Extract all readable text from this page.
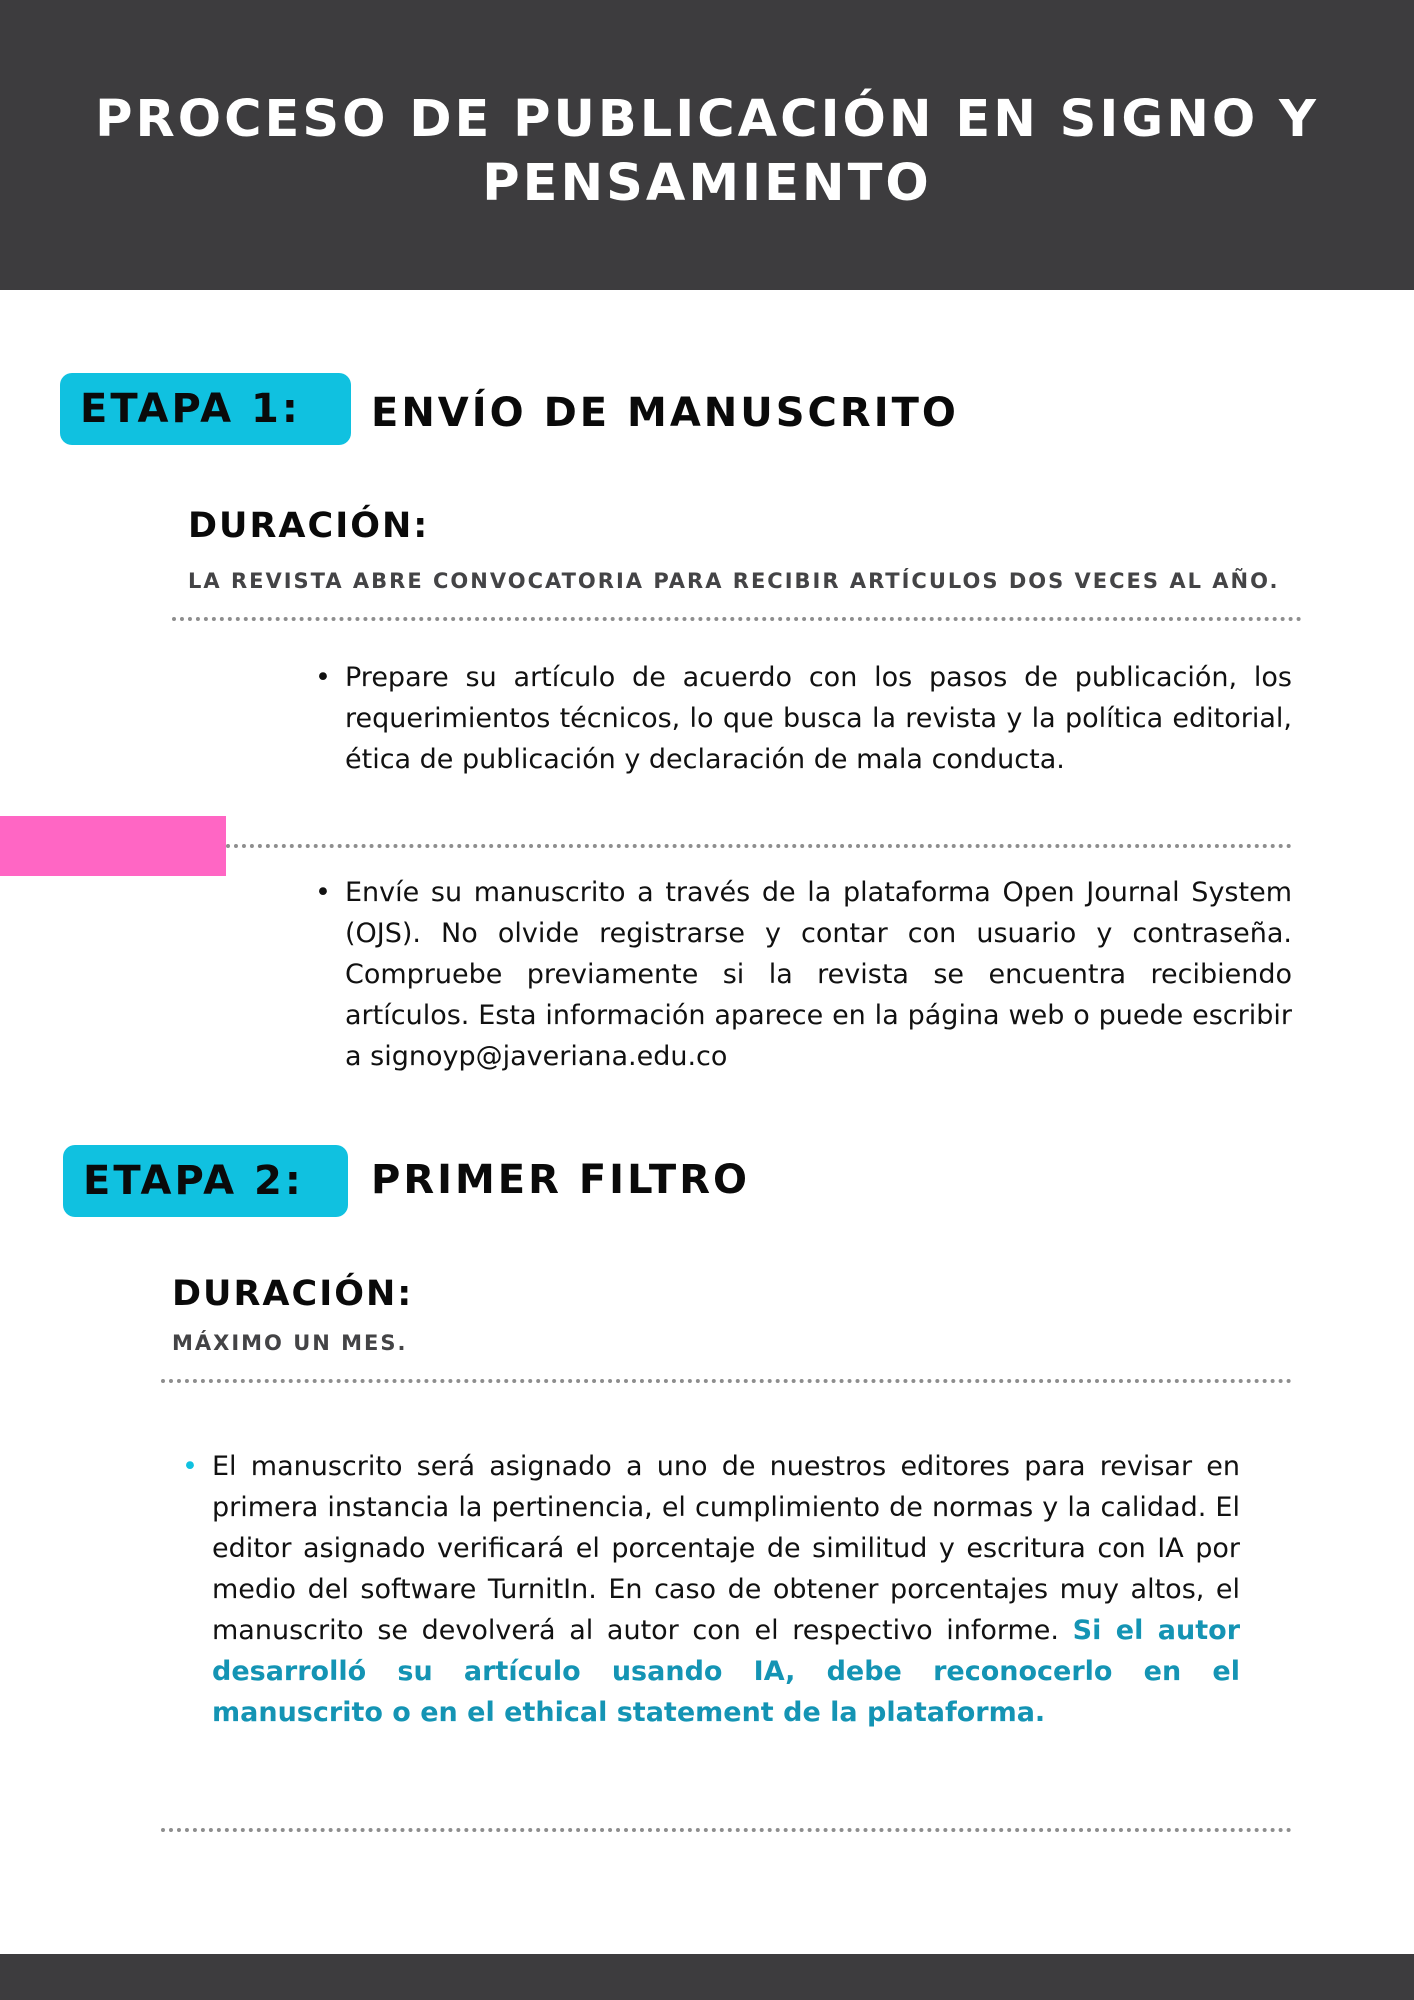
PROCESO DE PUBLICACIÓN EN SIGNO Y PENSAMIENTO
ETAPA 1:	ENVÍO DE MANUSCRITO
DURACIÓN:
LA REVISTA ABRE CONVOCATORIA PARA RECIBIR ARTÍCULOS DOS VECES AL AÑO.
• Prepare su artículo de acuerdo con los pasos de publicación, los requerimientos técnicos, lo que busca la revista y la política editorial, ética de publicación y declaración de mala conducta.
• Envíe su manuscrito a través de la plataforma Open Journal System (OJS). No olvide registrarse y contar con usuario y contraseña. Compruebe previamente si la revista se encuentra recibiendo artículos. Esta información aparece en la página web o puede escribir a signoyp@javeriana.edu.co
ETAPA 2:	PRIMER FILTRO
DURACIÓN:
MÁXIMO UN MES.
• El manuscrito será asignado a uno de nuestros editores para revisar en primera instancia la pertinencia, el cumplimiento de normas y la calidad. El editor asignado verificará el porcentaje de similitud y escritura con IA por medio del software TurnitIn. En caso de obtener porcentajes muy altos, el manuscrito se devolverá al autor con el respectivo informe. Si el autor desarrolló su artículo usando IA, debe reconocerlo en el manuscrito o en el ethical statement de la plataforma.
